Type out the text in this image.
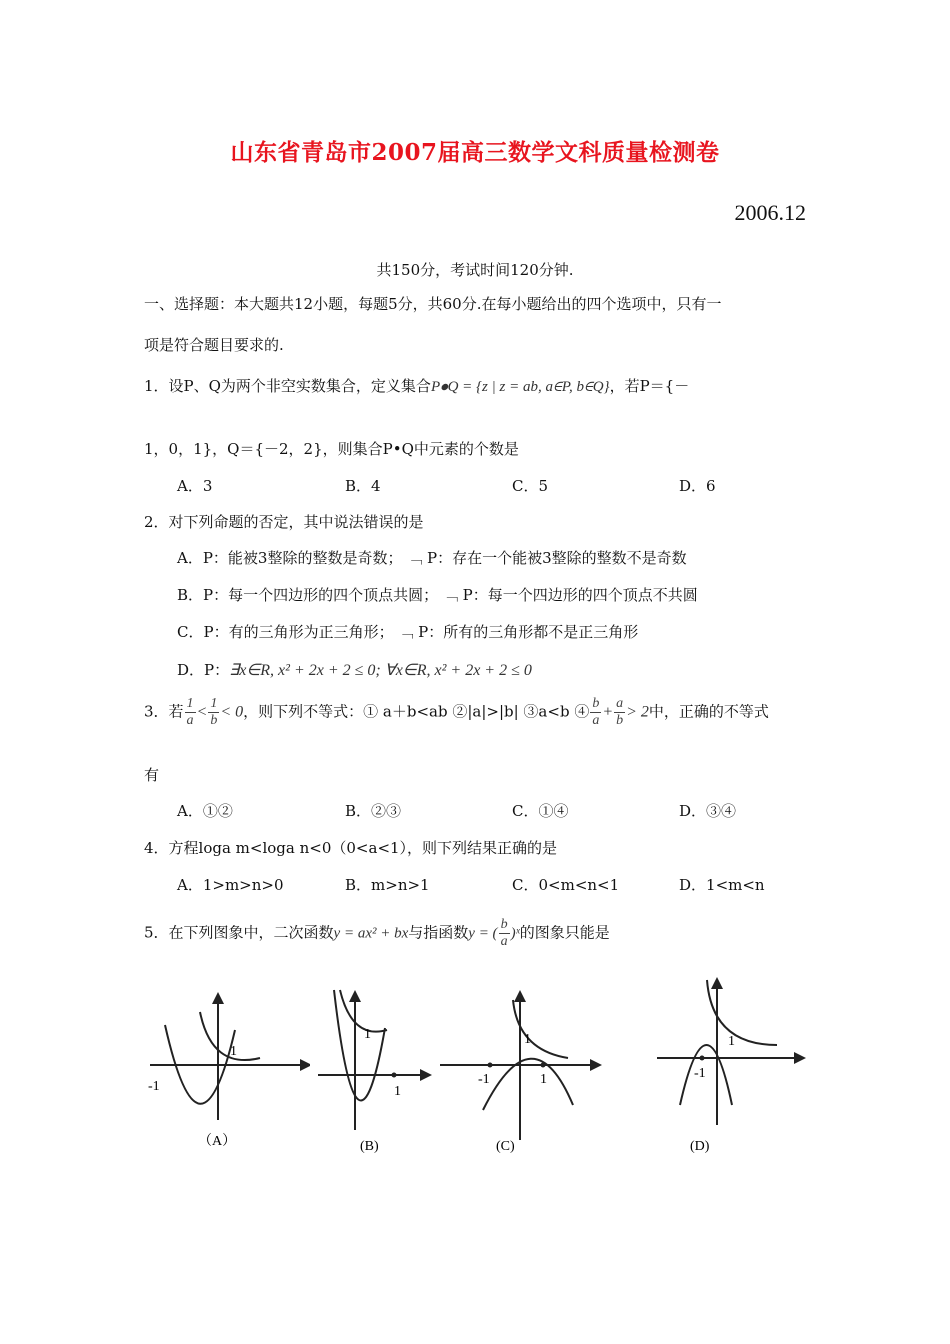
山东省青岛市2007届高三数学文科质量检测卷
2006.12
共150分，考试时间120分钟.
一、选择题：本大题共12小题，每题5分，共60分.在每小题给出的四个选项中，只有一
项是符合题目要求的.
1．设P、Q为两个非空实数集合，定义集合P⦁Q = {z | z = ab, a∈P, b∈Q}，若P＝{－
1，0，1}，Q＝{－2，2}，则集合P•Q中元素的个数是
A．3	B．4	C．5	D．6
2．对下列命题的否定，其中说法错误的是
A．P：能被3整除的整数是奇数； ﹁ P：存在一个能被3整除的整数不是奇数
B．P：每一个四边形的四个顶点共圆； ﹁ P：每一个四边形的四个顶点不共圆
C．P：有的三角形为正三角形； ﹁ P：所有的三角形都不是正三角形
D．P：∃x∈R, x² + 2x + 2 ≤ 0; ∀x∈R, x² + 2x + 2 ≤ 0
3．若 $\frac{1}{a} < \frac{1}{b} < 0$，则下列不等式：① a＋b<ab ②|a|>|b| ③a<b ④ $\frac{b}{a} + \frac{a}{b} > 2$中，正确的不等式
有
A．①②	B．②③	C．①④	D．③④
4．方程loga m<loga n<0（0<a<1），则下列结果正确的是
A．1>m>n>0	B．m>n>1	C．0<m<n<1	D．1<m<n
5．在下列图象中，二次函数y = ax² + bx与指函数y = ( $\frac{b}{a}$ )ˣ的图象只能是
-1
1
（A）
1
1
(B)
-1
1
1
(C)
-1
1
(D)
